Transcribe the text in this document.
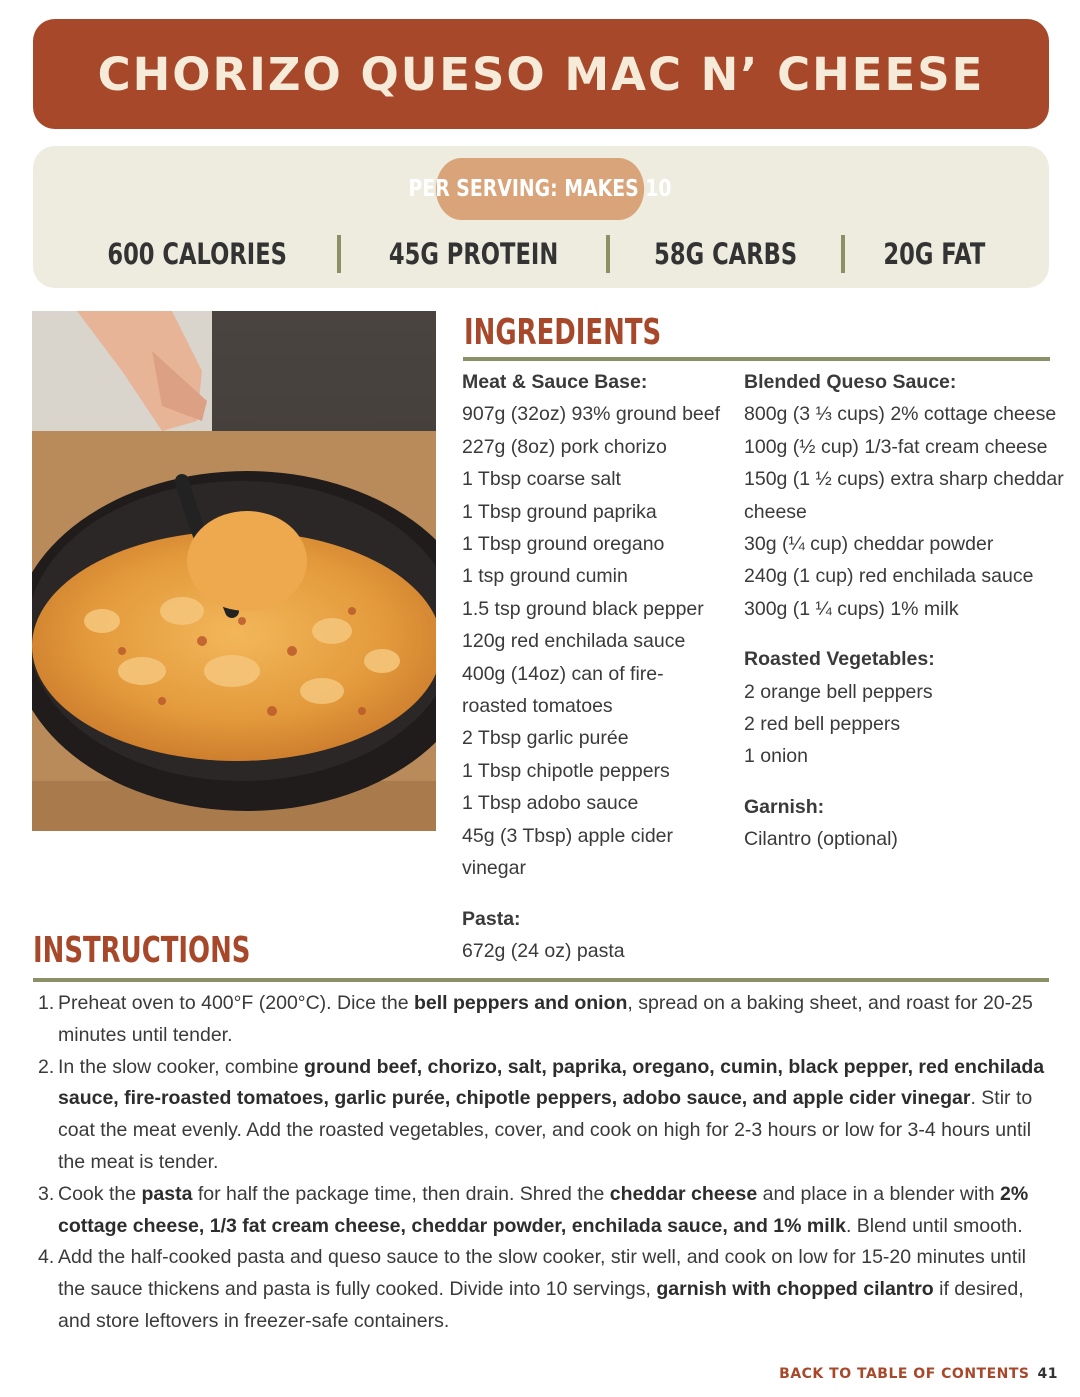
CHORIZO QUESO MAC N’ CHEESE
PER SERVING: MAKES 10
600 CALORIES	45G PROTEIN	58G CARBS	20G FAT
INGREDIENTS
Meat & Sauce Base:
907g (32oz) 93% ground beef
227g (8oz) pork chorizo
1 Tbsp coarse salt
1 Tbsp ground paprika
1 Tbsp ground oregano
1 tsp ground cumin
1.5 tsp ground black pepper
120g red enchilada sauce
400g (14oz) can of fire-roasted tomatoes
2 Tbsp garlic purée
1 Tbsp chipotle peppers
1 Tbsp adobo sauce
45g (3 Tbsp) apple cider vinegar
Pasta:
672g (24 oz) pasta
Blended Queso Sauce:
800g (3 ⅓ cups) 2% cottage cheese
100g (½ cup) 1/3-fat cream cheese
150g (1 ½ cups) extra sharp cheddar cheese
30g (¼ cup) cheddar powder
240g (1 cup) red enchilada sauce
300g (1 ¼ cups) 1% milk
Roasted Vegetables:
2 orange bell peppers
2 red bell peppers
1 onion
Garnish:
Cilantro (optional)
INSTRUCTIONS
1. Preheat oven to 400°F (200°C). Dice the bell peppers and onion, spread on a baking sheet, and roast for 20-25 minutes until tender.
2. In the slow cooker, combine ground beef, chorizo, salt, paprika, oregano, cumin, black pepper, red enchilada sauce, fire-roasted tomatoes, garlic purée, chipotle peppers, adobo sauce, and apple cider vinegar. Stir to coat the meat evenly. Add the roasted vegetables, cover, and cook on high for 2-3 hours or low for 3-4 hours until the meat is tender.
3. Cook the pasta for half the package time, then drain. Shred the cheddar cheese and place in a blender with 2% cottage cheese, 1/3 fat cream cheese, cheddar powder, enchilada sauce, and 1% milk. Blend until smooth.
4. Add the half-cooked pasta and queso sauce to the slow cooker, stir well, and cook on low for 15-20 minutes until the sauce thickens and pasta is fully cooked. Divide into 10 servings, garnish with chopped cilantro if desired, and store leftovers in freezer-safe containers.
BACK TO TABLE OF CONTENTS 41
